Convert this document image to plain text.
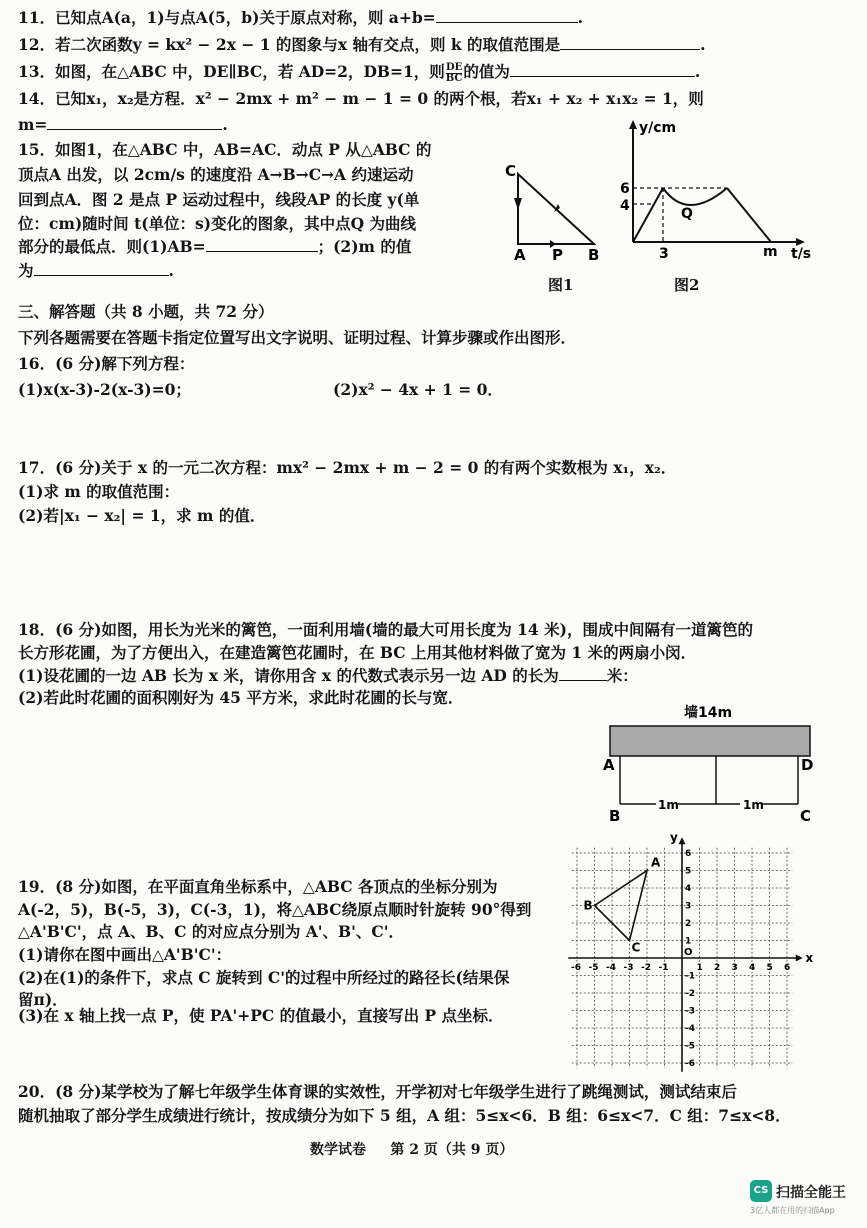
11．已知点A(a，1)与点A(5，b)关于原点对称，则 a+b=	.
12．若二次函数y = kx² − 2x − 1 的图象与x 轴有交点，则 k 的取值范围是	.
13．如图，在△ABC 中，DE∥BC，若 AD=2，DB=1，则 $\frac{DE}{BC}$ 的值为	.
14．已知x₁，x₂是方程．x² − 2mx + m² − m − 1 = 0 的两个根，若x₁ + x₂ + x₁x₂ = 1，则
m=	.
15．如图1，在△ABC 中，AB=AC．动点 P 从△ABC 的
顶点A 出发，以 2cm/s 的速度沿 A→B→C→A 约速运动
回到点A．图 2 是点 P 运动过程中，线段AP 的长度 y(单
位：cm)随时间 t(单位：s)变化的图象，其中点Q 为曲线
部分的最低点．则(1)AB=	；(2)m 的值
为	.
C
A P B
图1
y/cm
6
4
3
Q
m t/s
图2
三、解答题（共 8 小题，共 72 分）
下列各题需要在答题卡指定位置写出文字说明、证明过程、计算步骤或作出图形．
16．(6 分)解下列方程：
(1)x(x-3)-2(x-3)=0；	(2)x² − 4x + 1 = 0．
17．(6 分)关于 x 的一元二次方程：mx² − 2mx + m − 2 = 0 的有两个实数根为 x₁，x₂．
(1)求 m 的取值范围：
(2)若|x₁ − x₂| = 1，求 m 的值．
18．(6 分)如图，用长为光米的篱笆，一面利用墙(墙的最大可用长度为 14 米)，围成中间隔有一道篱笆的
长方形花圃，为了方便出入，在建造篱笆花圃时，在 BC 上用其他材料做了宽为 1 米的两扇小闵．
(1)设花圃的一边 AB 长为 x 米，请你用含 x 的代数式表示另一边 AD 的长为	米：
(2)若此时花圃的面积刚好为 45 平方米，求此时花圃的长与宽．
墙14m
1m	1m
A	D
B	C
19．(8 分)如图，在平面直角坐标系中，△ABC 各顶点的坐标分别为
A(-2，5)，B(-5，3)，C(-3，1)，将△ABC绕原点顺时针旋转 90°得到
△A'B'C'，点 A、B、C 的对应点分别为 A'、B'、C'．
(1)请你在图中画出△A'B'C'：
(2)在(1)的条件下，求点 C 旋转到 C'的过程中所经过的路径长(结果保
留π)．
(3)在 x 轴上找一点 P，使 PA'+PC 的值最小，直接写出 P 点坐标．
x
y
O
-6
-6
-5
-5
-4
-4
-3
-3
-2
-2
-1
-1
1
1
2
2
3
3
4
4
5
5
6
6
A
B
C
20．(8 分)某学校为了解七年级学生体育课的实效性，开学初对七年级学生进行了跳绳测试，测试结束后
随机抽取了部分学生成绩进行统计，按成绩分为如下 5 组，A 组：5≤x<6．B 组：6≤x<7．C 组：7≤x<8．
数学试卷 第 2 页（共 9 页）
CS 扫描全能王
3亿人都在用的扫描App
